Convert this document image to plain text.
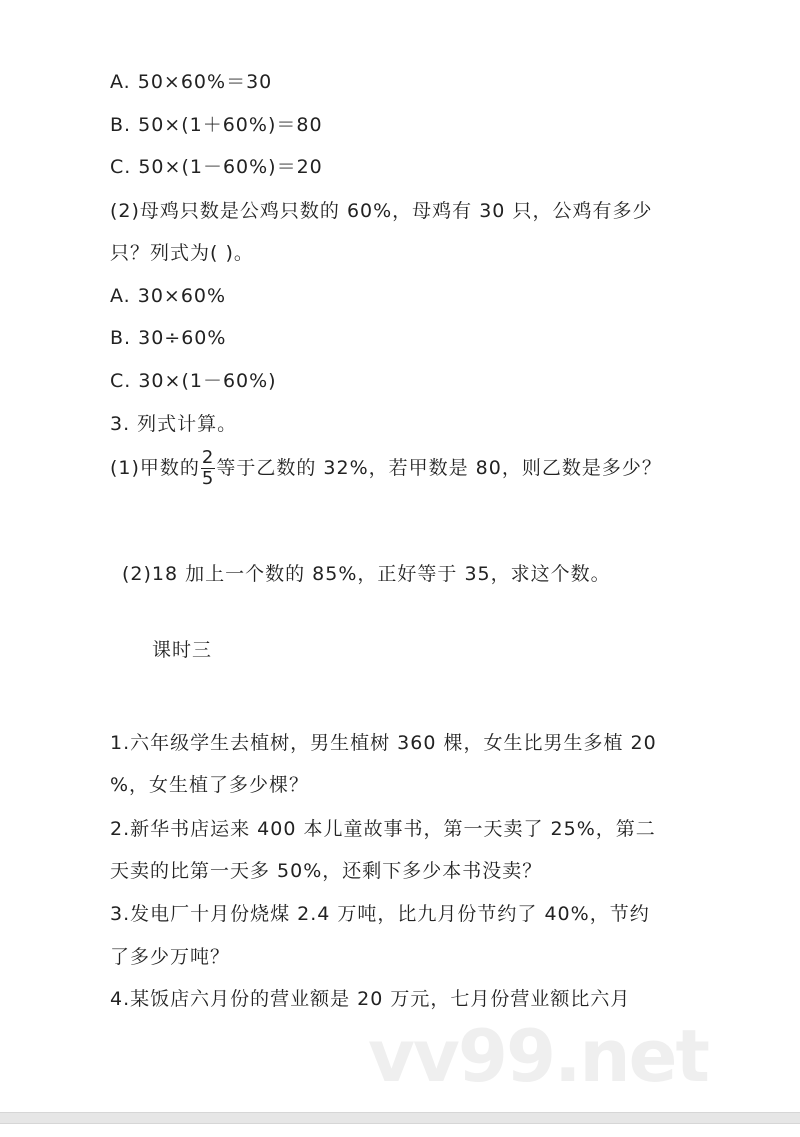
A. 50×60%＝30
B. 50×(1＋60%)＝80
C. 50×(1－60%)＝20
(2)母鸡只数是公鸡只数的 60%，母鸡有 30 只，公鸡有多少
只？列式为( )。
A. 30×60%
B. 30÷60%
C. 30×(1－60%)
3. 列式计算。
(1)甲数的 $\frac{2}{5}$ 等于乙数的 32%，若甲数是 80，则乙数是多少？
(2)18 加上一个数的 85%，正好等于 35，求这个数。
课时三
1.六年级学生去植树，男生植树 360 棵，女生比男生多植 20
%，女生植了多少棵？
2.新华书店运来 400 本儿童故事书，第一天卖了 25%，第二
天卖的比第一天多 50%，还剩下多少本书没卖？
3.发电厂十月份烧煤 2.4 万吨，比九月份节约了 40%，节约
了多少万吨？
4.某饭店六月份的营业额是 20 万元，七月份营业额比六月
vv99.net
